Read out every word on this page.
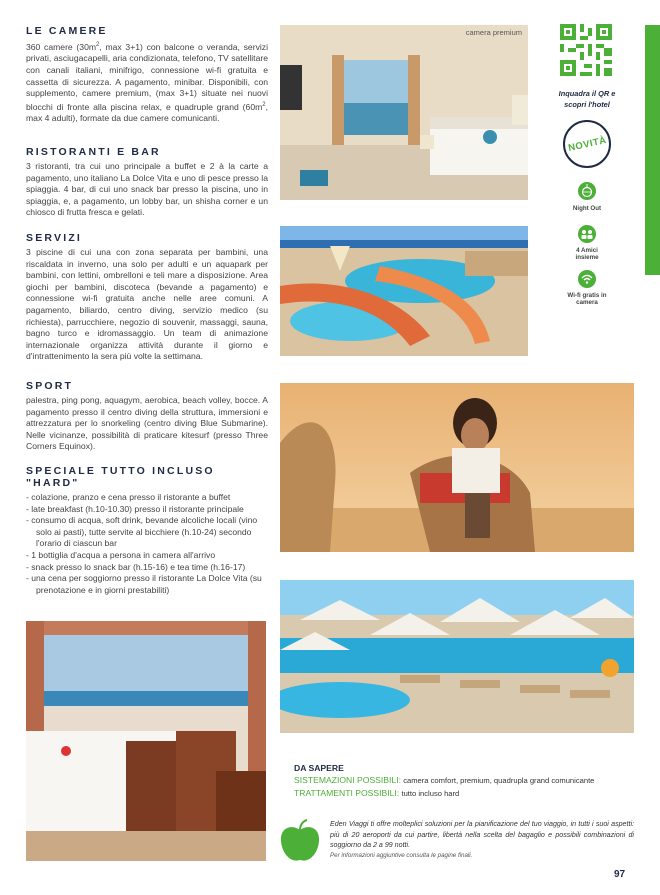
LE CAMERE

360 camere ($30m^2$, max 3+1) con balcone o veranda, servizi privati, asciugacapelli, aria condizionata, telefono, TV satellitare con canali italiani, minifrigo, connessione wi-fi gratuita e cassetta di sicurezza. A pagamento, minibar. Disponibili, con supplemento, camere premium, (max 3+1) situate nei nuovi blocchi di fronte alla piscina relax, e quadruple grand ($60m^2$, max 4 adulti), formate da due camere comunicanti.

RISTORANTI E BAR

3 ristoranti, tra cui uno principale a buffet e 2 à la carte a pagamento, uno italiano La Dolce Vita e uno di pesce presso la spiaggia. 4 bar, di cui uno snack bar presso la piscina, uno in spiaggia, e, a pagamento, un lobby bar, un shisha corner e un chiosco di frutta fresca e gelati.

SERVIZI

3 piscine di cui una con zona separata per bambini, una riscaldata in inverno, una solo per adulti e un aquapark per bambini, con lettini, ombrelloni e teli mare a disposizione. Area giochi per bambini, discoteca (bevande a pagamento) e connessione wi-fi gratuita anche nelle aree comuni. A pagamento, biliardo, centro diving, servizio medico (su richiesta), parrucchiere, negozio di souvenir, massaggi, sauna, bagno turco e idromassaggio. Un team di animazione internazionale organizza attività durante il giorno e d'intrattenimento la sera più volte la settimana.

SPORT

palestra, ping pong, aquagym, aerobica, beach volley, bocce. A pagamento presso il centro diving della struttura, immersioni e attrezzatura per lo snorkeling (centro diving Blue Submarine). Nelle vicinanze, possibilità di praticare kitesurf (presso Three Corners Equinox).

SPECIALE TUTTO INCLUSO "HARD"
- colazione, pranzo e cena presso il ristorante a buffet
- late breakfast (h.10-10.30) presso il ristorante principale
- consumo di acqua, soft drink, bevande alcoliche locali (vino solo ai pasti), tutte servite al bicchiere (h.10-24) secondo l'orario di ciascun bar
- 1 bottiglia d'acqua a persona in camera all'arrivo
- snack presso lo snack bar (h.15-16) e tea time (h.16-17)
- una cena per soggiorno presso il ristorante La Dolce Vita (su prenotazione e in giorni prestabiliti)
camera premium
Inquadra il QR e scopri l'hotel
NOVITÀ
Night Out
4 Amici insieme
Wi-fi gratis in camera
DA SAPERE
SISTEMAZIONI POSSIBILI: camera comfort, premium, quadrupla grand comunicante
TRATTAMENTI POSSIBILI: tutto incluso hard

Eden Viaggi ti offre molteplici soluzioni per la pianificazione del tuo viaggio, in tutti i suoi aspetti: più di 20 aeroporti da cui partire, libertà nella scelta del bagaglio e possibili combinazioni di soggiorno da 2 a 99 notti.

Per informazioni aggiuntive consulta le pagine finali.

97
